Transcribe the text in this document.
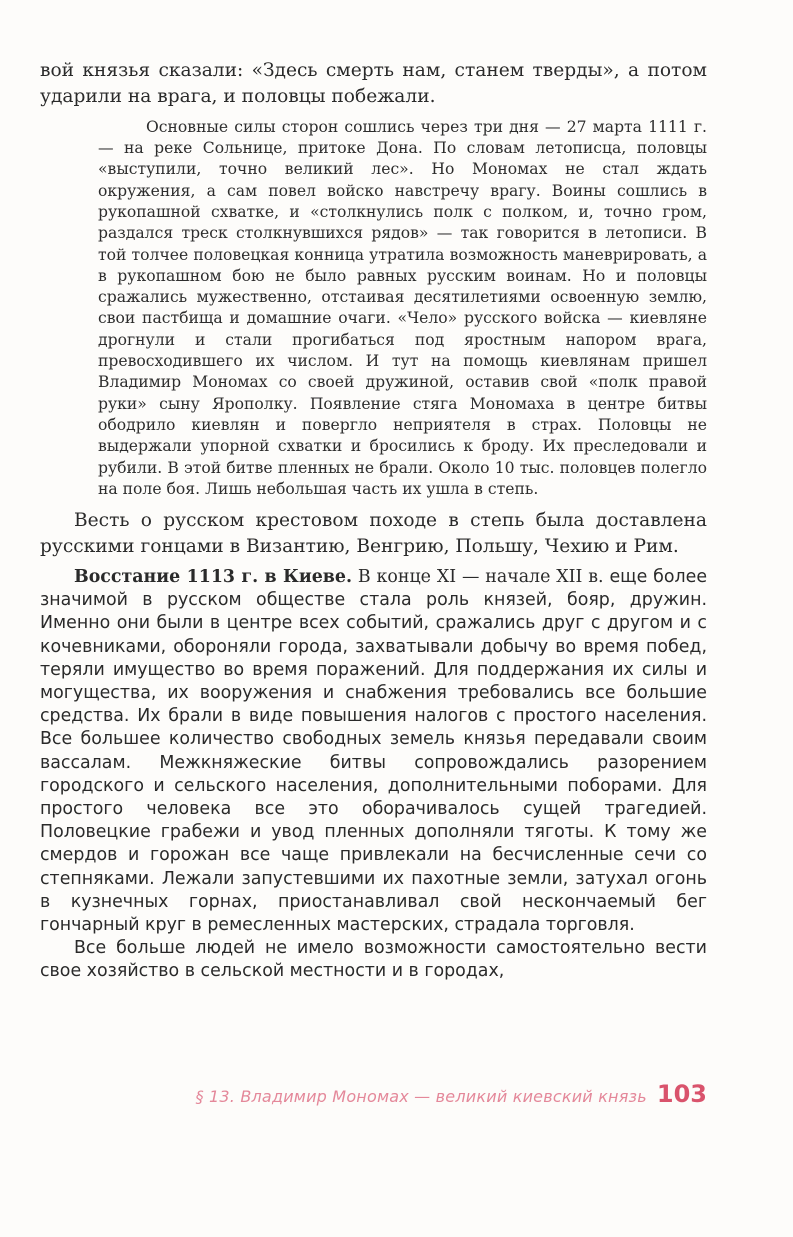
вой князья сказали: «Здесь смерть нам, станем тверды», а потом ударили на врага, и половцы побежали.

Основные силы сторон сошлись через три дня — 27 марта 1111 г. — на реке Сольнице, притоке Дона. По словам летописца, половцы «выступили, точно великий лес». Но Мономах не стал ждать окружения, а сам повел войско навстречу врагу. Воины сошлись в рукопашной схватке, и «столкнулись полк с полком, и, точно гром, раздался треск столкнувшихся рядов» — так говорится в летописи. В той толчее половецкая конница утратила возможность маневрировать, а в рукопашном бою не было равных русским воинам. Но и половцы сражались мужественно, отстаивая десятилетиями освоенную землю, свои пастбища и домашние очаги. «Чело» русского войска — киевляне дрогнули и стали прогибаться под яростным напором врага, превосходившего их числом. И тут на помощь киевлянам пришел Владимир Мономах со своей дружиной, оставив свой «полк правой руки» сыну Ярополку. Появление стяга Мономаха в центре битвы ободрило киевлян и повергло неприятеля в страх. Половцы не выдержали упорной схватки и бросились к броду. Их преследовали и рубили. В этой битве пленных не брали. Около 10 тыс. половцев полегло на поле боя. Лишь небольшая часть их ушла в степь.

Весть о русском крестовом походе в степь была доставлена русскими гонцами в Византию, Венгрию, Польшу, Чехию и Рим.

Восстание 1113 г. в Киеве. В конце XI — начале XII в. еще более значимой в русском обществе стала роль князей, бояр, дружин. Именно они были в центре всех событий, сражались друг с другом и с кочевниками, обороняли города, захватывали добычу во время побед, теряли имущество во время поражений. Для поддержания их силы и могущества, их вооружения и снабжения требовались все большие средства. Их брали в виде повышения налогов с простого населения. Все большее количество свободных земель князья передавали своим вассалам. Межкняжеские битвы сопровождались разорением городского и сельского населения, дополнительными поборами. Для простого человека все это оборачивалось сущей трагедией. Половецкие грабежи и увод пленных дополняли тяготы. К тому же смердов и горожан все чаще привлекали на бесчисленные сечи со степняками. Лежали запустевшими их пахотные земли, затухал огонь в кузнечных горнах, приостанавливал свой нескончаемый бег гончарный круг в ремесленных мастерских, страдала торговля.

Все больше людей не имело возможности самостоятельно вести свое хозяйство в сельской местности и в городах,

§ 13. Владимир Мономах — великий киевский князь 103
